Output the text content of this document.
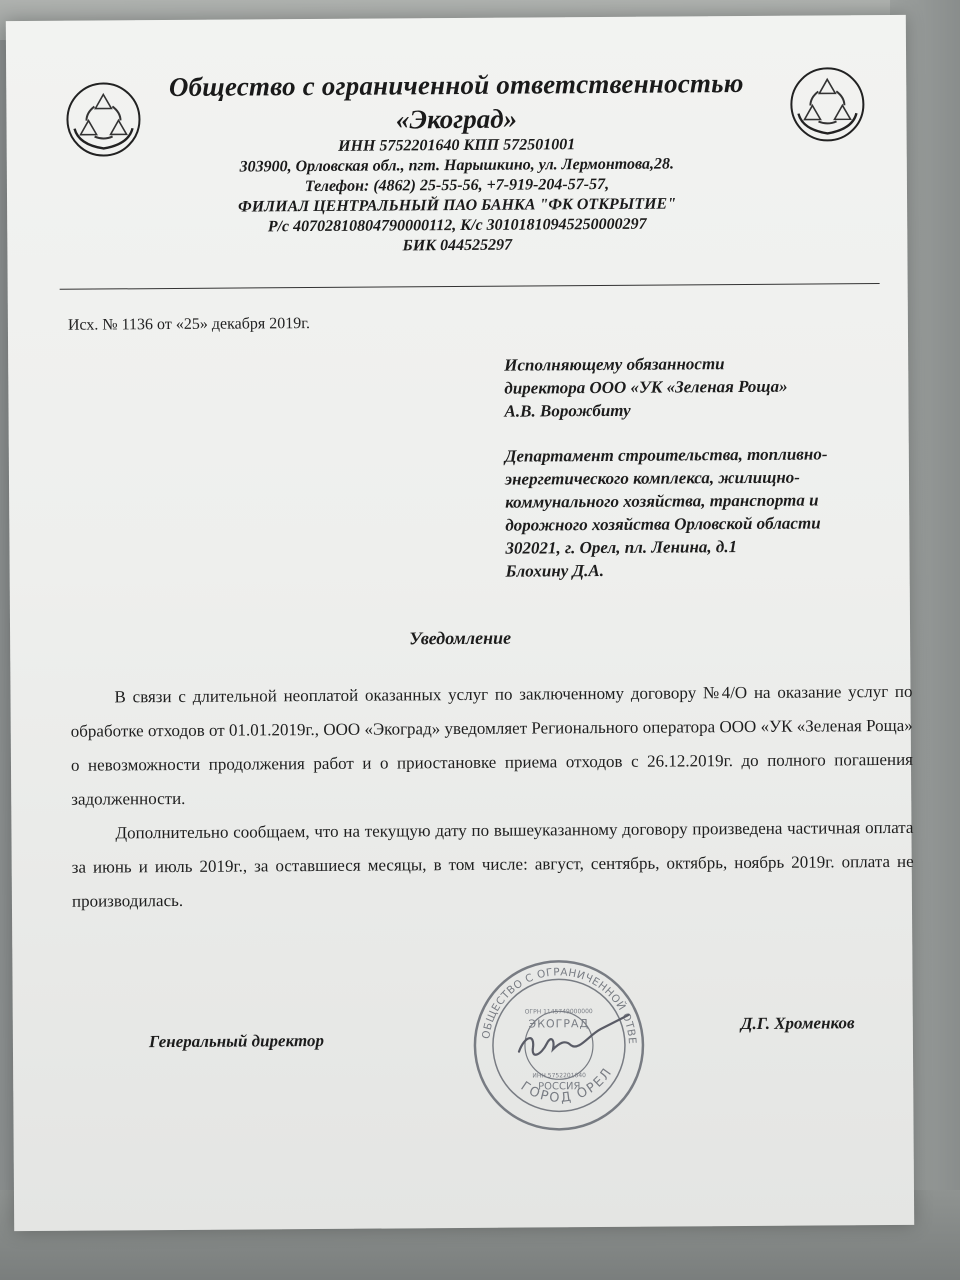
Общество с ограниченной ответственностью
«Экоград»
ИНН 5752201640 КПП 572501001
303900, Орловская обл., пгт. Нарышкино, ул. Лермонтова,28.
Телефон: (4862) 25-55-56, +7-919-204-57-57,
ФИЛИАЛ ЦЕНТРАЛЬНЫЙ ПАО БАНКА "ФК ОТКРЫТИЕ"
Р/с 40702810804790000112, К/с 30101810945250000297
БИК 044525297
Исх. № 1136 от «25» декабря 2019г.
Исполняющему обязанности
директора ООО «УК «Зеленая Роща»
А.В. Ворожбиту
Департамент строительства, топливно-
энергетического комплекса, жилищно-
коммунального хозяйства, транспорта и
дорожного хозяйства Орловской области
302021, г. Орел, пл. Ленина, д.1
Блохину Д.А.
Уведомление

В связи с длительной неоплатой оказанных услуг по заключенному договору №4/О на оказание услуг по обработке отходов от 01.01.2019г., ООО «Экоград» уведомляет Регионального оператора ООО «УК «Зеленая Роща» о невозможности продолжения работ и о приостановке приема отходов с 26.12.2019г. до полного погашения задолженности.

Дополнительно сообщаем, что на текущую дату по вышеуказанному договору произведена частичная оплата за июнь и июль 2019г., за оставшиеся месяцы, в том числе: август, сентябрь, октябрь, ноябрь 2019г. оплата не производилась.

ОБЩЕСТВО С ОГРАНИЧЕННОЙ ОТВЕТСТВЕННОСТЬЮ
ГОРОД ОРЕЛ
ОГРН 1145749000000
ЭКОГРАД
ИНН 5752201640
РОССИЯ
Генеральный директор
Д.Г. Хроменков
